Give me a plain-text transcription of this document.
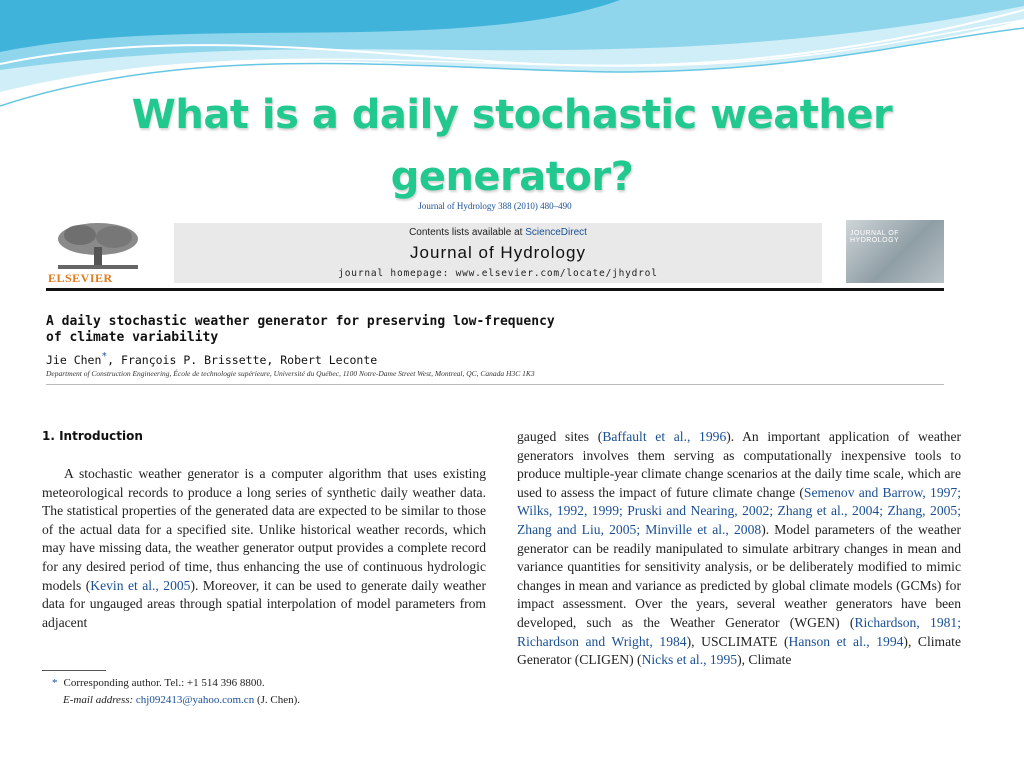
What is a daily stochastic weather generator?
Journal of Hydrology 388 (2010) 480–490
ELSEVIER
Contents lists available at ScienceDirect
Journal of Hydrology
journal homepage: www.elsevier.com/locate/jhydrol
JOURNAL OF HYDROLOGY
A daily stochastic weather generator for preserving low-frequency
of climate variability
Jie Chen*, François P. Brissette, Robert Leconte
Department of Construction Engineering, École de technologie supérieure, Université du Québec, 1100 Notre-Dame Street West, Montreal, QC, Canada H3C 1K3
1. Introduction

A stochastic weather generator is a computer algorithm that uses existing meteorological records to produce a long series of synthetic daily weather data. The statistical properties of the generated data are expected to be similar to those of the actual data for a specified site. Unlike historical weather records, which may have missing data, the weather generator output provides a complete record for any desired period of time, thus enhancing the use of continuous hydrologic models (Kevin et al., 2005). Moreover, it can be used to generate daily weather data for ungauged areas through spatial interpolation of model parameters from adjacent

gauged sites (Baffault et al., 1996). An important application of weather generators involves them serving as computationally inexpensive tools to produce multiple-year climate change scenarios at the daily time scale, which are used to assess the impact of future climate change (Semenov and Barrow, 1997; Wilks, 1992, 1999; Pruski and Nearing, 2002; Zhang et al., 2004; Zhang, 2005; Zhang and Liu, 2005; Minville et al., 2008). Model parameters of the weather generator can be readily manipulated to simulate arbitrary changes in mean and variance quantities for sensitivity analysis, or be deliberately modified to mimic changes in mean and variance as predicted by global climate models (GCMs) for impact assessment. Over the years, several weather generators have been developed, such as the Weather Generator (WGEN) (Richardson, 1981; Richardson and Wright, 1984), USCLIMATE (Hanson et al., 1994), Climate Generator (CLIGEN) (Nicks et al., 1995), Climate

* Corresponding author. Tel.: +1 514 396 8800.
E-mail address: chj092413@yahoo.com.cn (J. Chen).
